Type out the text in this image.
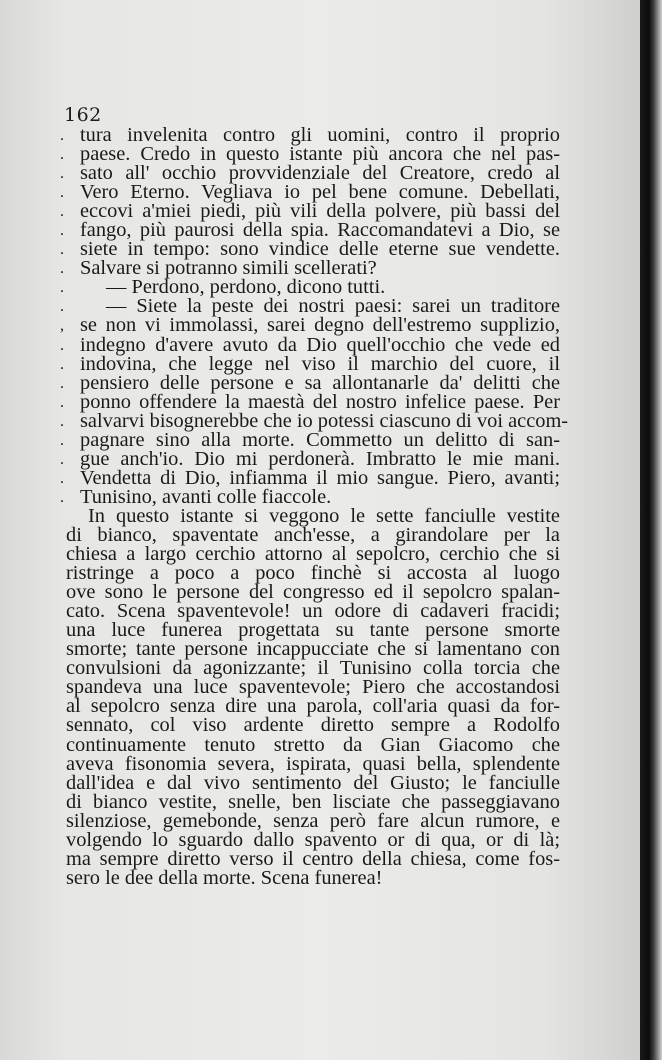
162
. tura invelenita contro gli uomini, contro il proprio
. paese. Credo in questo istante più ancora che nel pas-
. sato all' occhio provvidenziale del Creatore, credo al
. Vero Eterno. Vegliava io pel bene comune. Debellati,
. eccovi a'miei piedi, più vili della polvere, più bassi del
. fango, più paurosi della spia. Raccomandatevi a Dio, se
. siete in tempo: sono vindice delle eterne sue vendette.
. Salvare si potranno simili scellerati?
.	— Perdono, perdono, dicono tutti.
.	— Siete la peste dei nostri paesi: sarei un traditore
, se non vi immolassi, sarei degno dell'estremo supplizio,
. indegno d'avere avuto da Dio quell'occhio che vede ed
. indovina, che legge nel viso il marchio del cuore, il
. pensiero delle persone e sa allontanarle da' delitti che
. ponno offendere la maestà del nostro infelice paese. Per
. salvarvi bisognerebbe che io potessi ciascuno di voi accom-
. pagnare sino alla morte. Commetto un delitto di san-
. gue anch'io. Dio mi perdonerà. Imbratto le mie mani.
. Vendetta di Dio, infiamma il mio sangue. Piero, avanti;
. Tunisino, avanti colle fiaccole.
In questo istante si veggono le sette fanciulle vestite
di bianco, spaventate anch'esse, a girandolare per la
chiesa a largo cerchio attorno al sepolcro, cerchio che si
ristringe a poco a poco finchè si accosta al luogo
ove sono le persone del congresso ed il sepolcro spalan-
cato. Scena spaventevole! un odore di cadaveri fracidi;
una luce funerea progettata su tante persone smorte
smorte; tante persone incappucciate che si lamentano con
convulsioni da agonizzante; il Tunisino colla torcia che
spandeva una luce spaventevole; Piero che accostandosi
al sepolcro senza dire una parola, coll'aria quasi da for-
sennato, col viso ardente diretto sempre a Rodolfo
continuamente tenuto stretto da Gian Giacomo che
aveva fisonomia severa, ispirata, quasi bella, splendente
dall'idea e dal vivo sentimento del Giusto; le fanciulle
di bianco vestite, snelle, ben lisciate che passeggiavano
silenziose, gemebonde, senza però fare alcun rumore, e
volgendo lo sguardo dallo spavento or di qua, or di là;
ma sempre diretto verso il centro della chiesa, come fos-
sero le dee della morte. Scena funerea!
